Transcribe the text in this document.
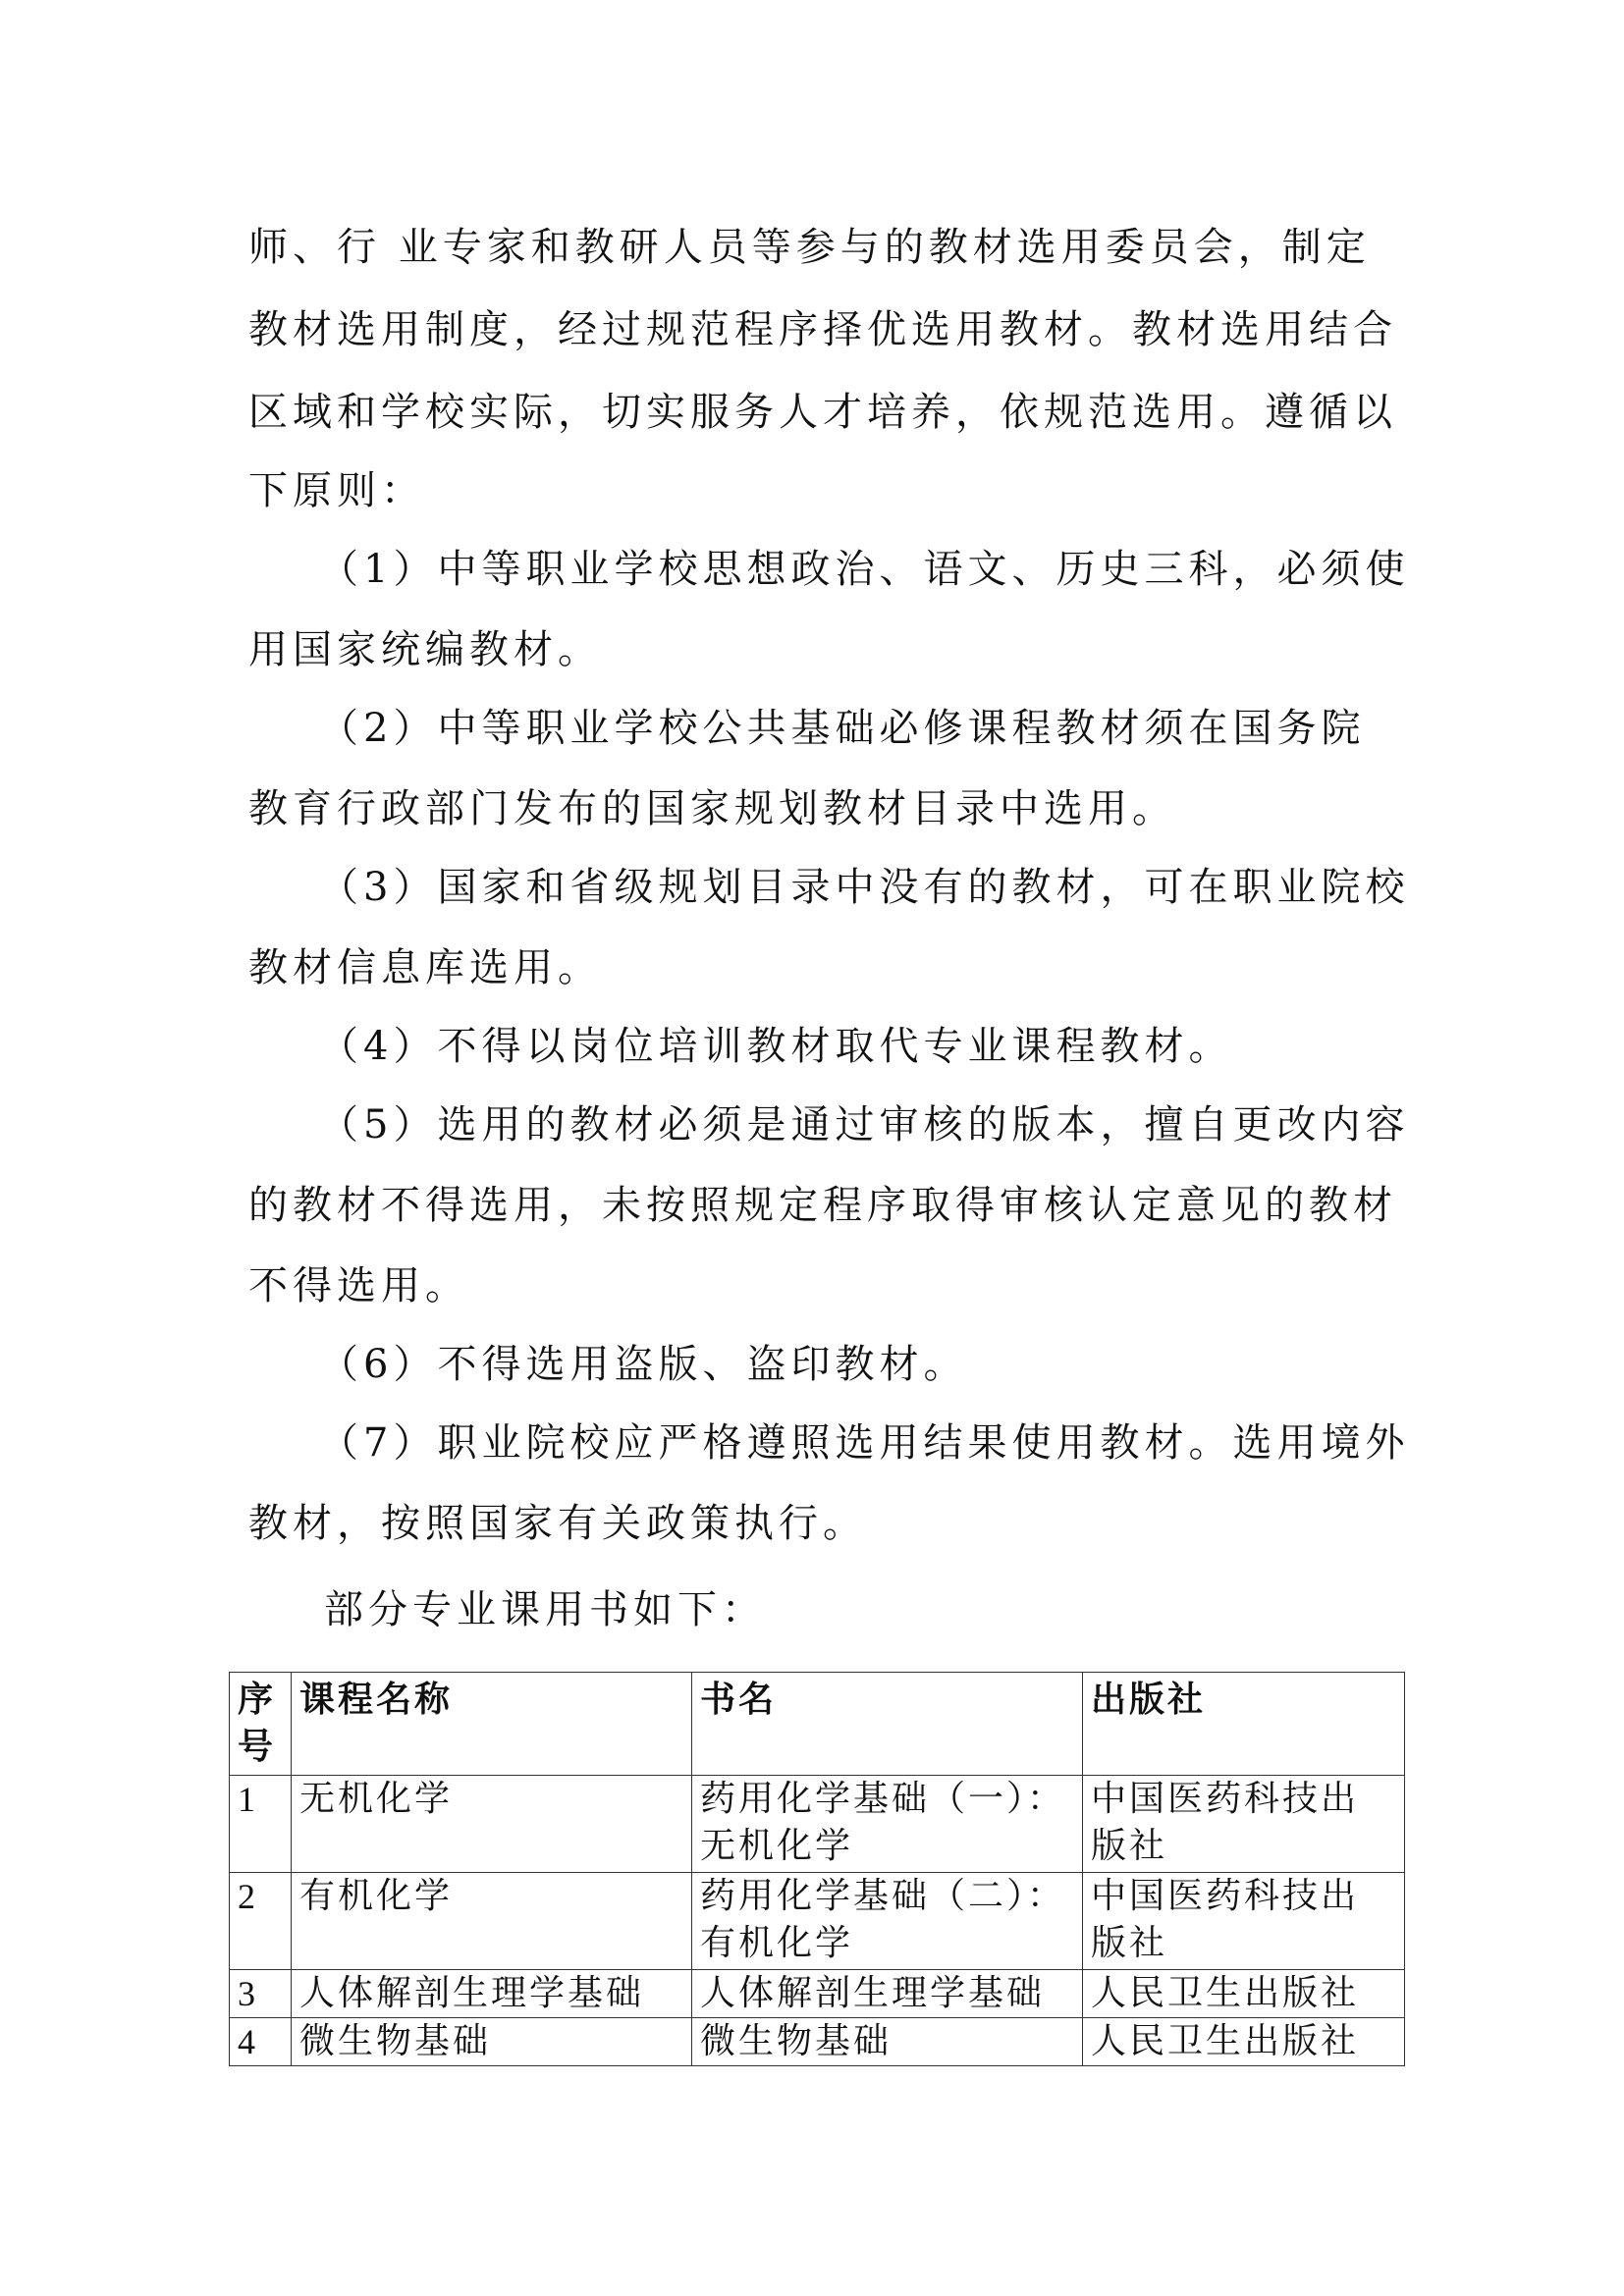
师、行 业专家和教研人员等参与的教材选用委员会，制定
教材选用制度，经过规范程序择优选用教材。教材选用结合
区域和学校实际，切实服务人才培养，依规范选用。遵循以
下原则：
（1）中等职业学校思想政治、语文、历史三科，必须使
用国家统编教材。
（2）中等职业学校公共基础必修课程教材须在国务院
教育行政部门发布的国家规划教材目录中选用。
（3）国家和省级规划目录中没有的教材，可在职业院校
教材信息库选用。
（4）不得以岗位培训教材取代专业课程教材。
（5）选用的教材必须是通过审核的版本，擅自更改内容
的教材不得选用，未按照规定程序取得审核认定意见的教材
不得选用。
（6）不得选用盗版、盗印教材。
（7）职业院校应严格遵照选用结果使用教材。选用境外
教材，按照国家有关政策执行。
部分专业课用书如下：
序号	课程名称	书名	出版社
1	无机化学	药用化学基础（一）：无机化学	中国医药科技出版社
2	有机化学	药用化学基础（二）：有机化学	中国医药科技出版社
3	人体解剖生理学基础	人体解剖生理学基础	人民卫生出版社
4	微生物基础	微生物基础	人民卫生出版社
